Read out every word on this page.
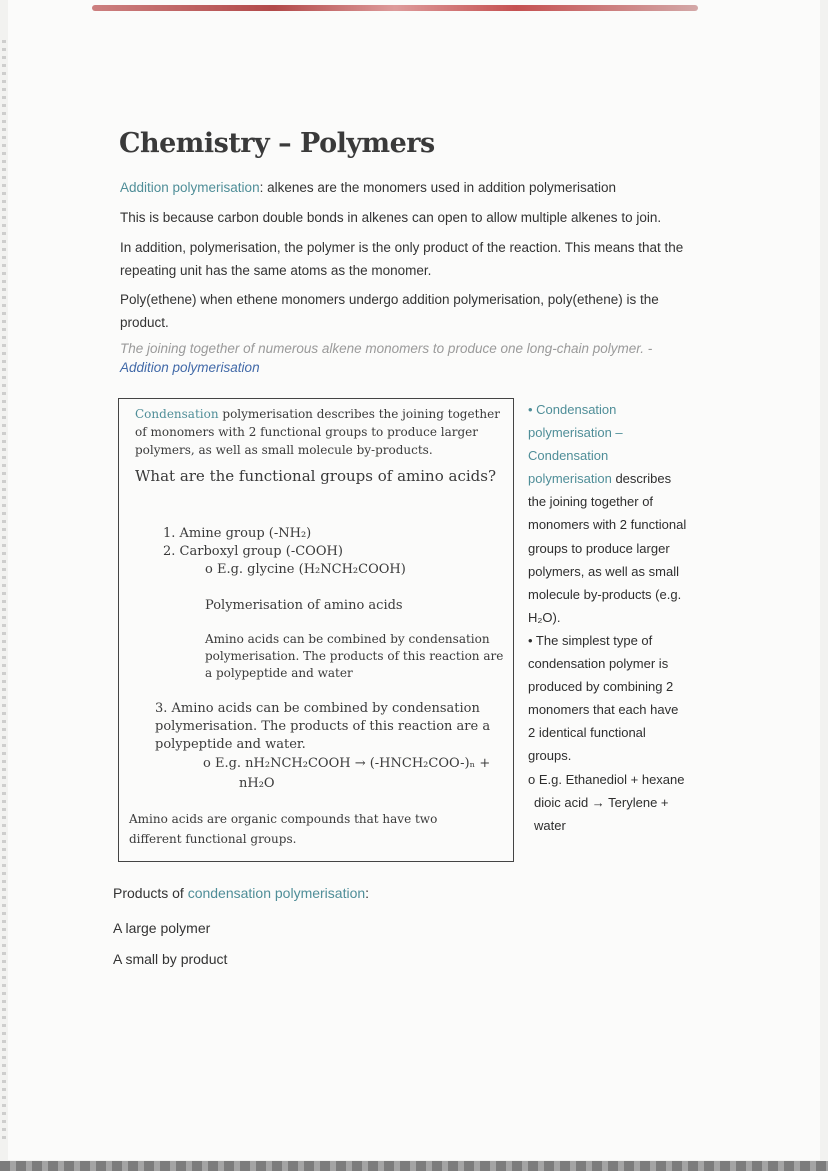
Chemistry – Polymers

Addition polymerisation: alkenes are the monomers used in addition polymerisation

This is because carbon double bonds in alkenes can open to allow multiple alkenes to join.

In addition, polymerisation, the polymer is the only product of the reaction. This means that the repeating unit has the same atoms as the monomer.

Poly(ethene) when ethene monomers undergo addition polymerisation, poly(ethene) is the product.

The joining together of numerous alkene monomers to produce one long-chain polymer. -
Addition polymerisation

Condensation polymerisation describes the joining together of monomers with 2 functional groups to produce larger polymers, as well as small molecule by-products.

What are the functional groups of amino acids?

1. Amine group (-NH₂)

2. Carboxyl group (-COOH)

o E.g. glycine (H₂NCH₂COOH)

Polymerisation of amino acids

Amino acids can be combined by condensation polymerisation. The products of this reaction are a polypeptide and water

3. Amino acids can be combined by condensation polymerisation. The products of this reaction are a polypeptide and water.

o E.g. nH₂NCH₂COOH → (-HNCH₂COO-)ₙ +

nH₂O

Amino acids are organic compounds that have two different functional groups.

• Condensation

polymerisation –

Condensation

polymerisation describes

the joining together of

monomers with 2 functional

groups to produce larger

polymers, as well as small

molecule by-products (e.g.

H₂O).

• The simplest type of

condensation polymer is

produced by combining 2

monomers that each have

2 identical functional

groups.

o E.g. Ethanediol + hexane

dioic acid → Terylene +

water

Products of condensation polymerisation:

A large polymer

A small by product
